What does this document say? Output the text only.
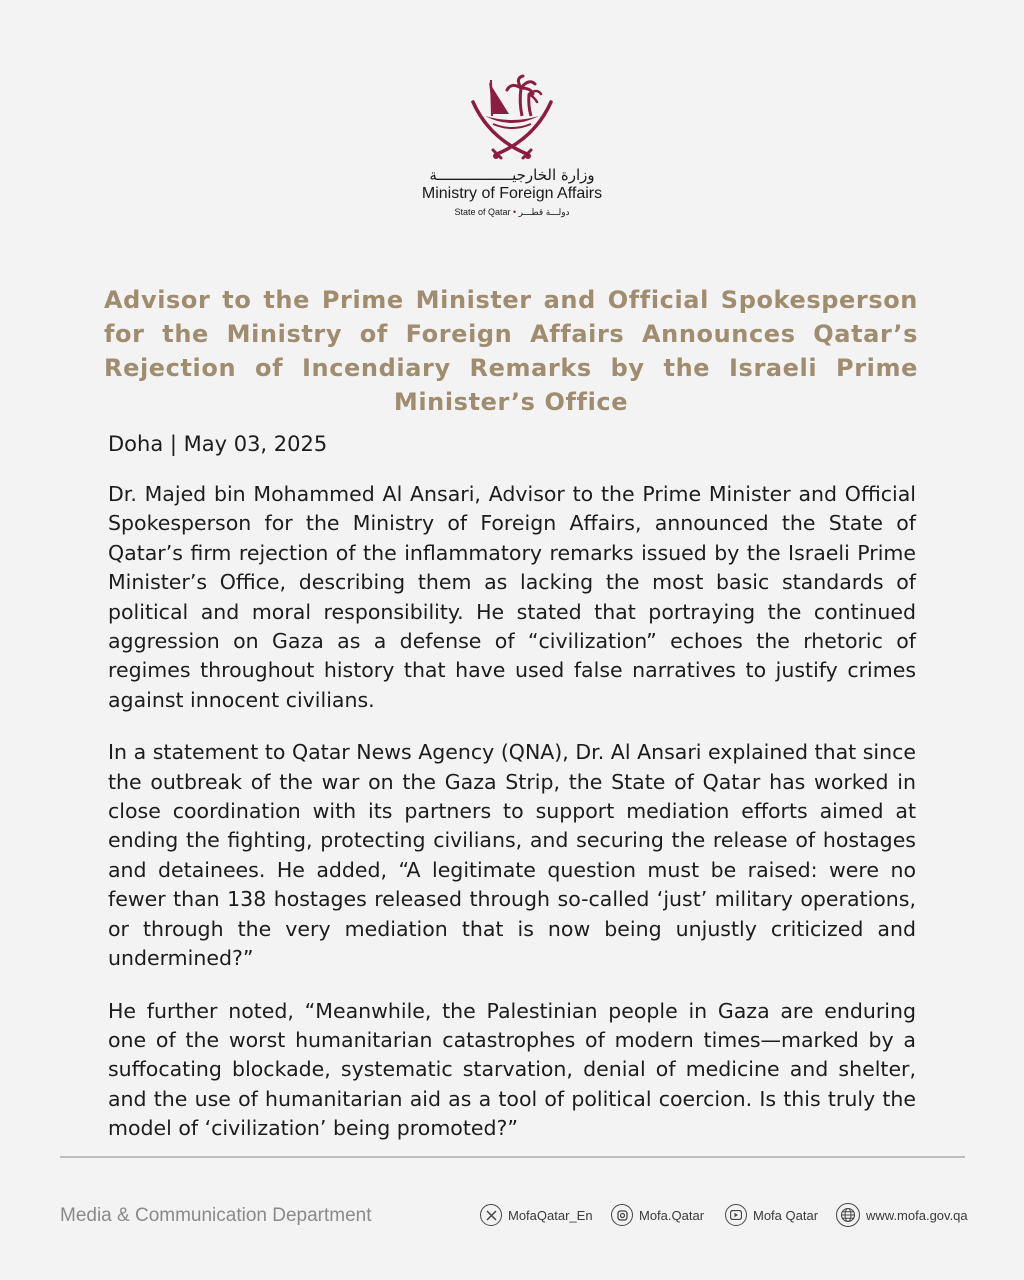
وزارة الخارجيـــــــــــــــــة
Ministry of Foreign Affairs
State of Qatar • دولـــة قطـــر
Advisor to the Prime Minister and Official Spokesperson for the Ministry of Foreign Affairs Announces Qatar’s Rejection of Incendiary Remarks by the Israeli Prime Minister’s Office

Doha | May 03, 2025

Dr. Majed bin Mohammed Al Ansari, Advisor to the Prime Minister and Official Spokesperson for the Ministry of Foreign Affairs, announced the State of Qatar’s firm rejection of the inflammatory remarks issued by the Israeli Prime Minister’s Office, describing them as lacking the most basic standards of political and moral responsibility. He stated that portraying the continued aggression on Gaza as a defense of “civilization” echoes the rhetoric of regimes throughout history that have used false narratives to justify crimes against innocent civilians.

In a statement to Qatar News Agency (QNA), Dr. Al Ansari explained that since the outbreak of the war on the Gaza Strip, the State of Qatar has worked in close coordination with its partners to support mediation efforts aimed at ending the fighting, protecting civilians, and securing the release of hostages and detainees. He added, “A legitimate question must be raised: were no fewer than 138 hostages released through so-called ‘just’ military operations, or through the very mediation that is now being unjustly criticized and undermined?”

He further noted, “Meanwhile, the Palestinian people in Gaza are enduring one of the worst humanitarian catastrophes of modern times—marked by a suffocating blockade, systematic starvation, denial of medicine and shelter, and the use of humanitarian aid as a tool of political coercion. Is this truly the model of ‘civilization’ being promoted?”

Media & Communication Department	MofaQatar_En	Mofa.Qatar	Mofa Qatar	www.mofa.gov.qa
